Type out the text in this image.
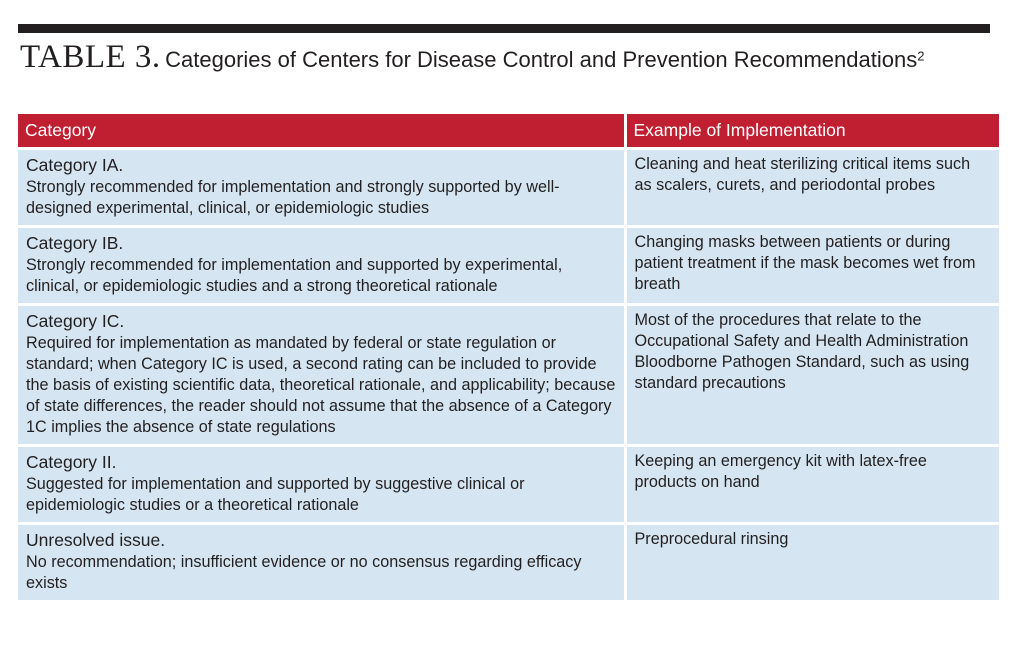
TABLE 3. Categories of Centers for Disease Control and Prevention Recommendations$^2$
Category	Example of Implementation

Category IA.
Strongly recommended for implementation and strongly supported by well-designed experimental, clinical, or epidemiologic studies	Cleaning and heat sterilizing critical items such as scalers, curets, and periodontal probes

Category IB.
Strongly recommended for implementation and supported by experimental, clinical, or epidemiologic studies and a strong theoretical rationale	Changing masks between patients or during patient treatment if the mask becomes wet from breath

Category IC.
Required for implementation as mandated by federal or state regulation or standard; when Category IC is used, a second rating can be included to provide the basis of existing scientific data, theoretical rationale, and applicability; because of state differences, the reader should not assume that the absence of a Category 1C implies the absence of state regulations	Most of the procedures that relate to the Occupational Safety and Health Administration Bloodborne Pathogen Standard, such as using standard precautions

Category II.
Suggested for implementation and supported by suggestive clinical or epidemiologic studies or a theoretical rationale	Keeping an emergency kit with latex-free products on hand

Unresolved issue.
No recommendation; insufficient evidence or no consensus regarding efficacy exists	Preprocedural rinsing
